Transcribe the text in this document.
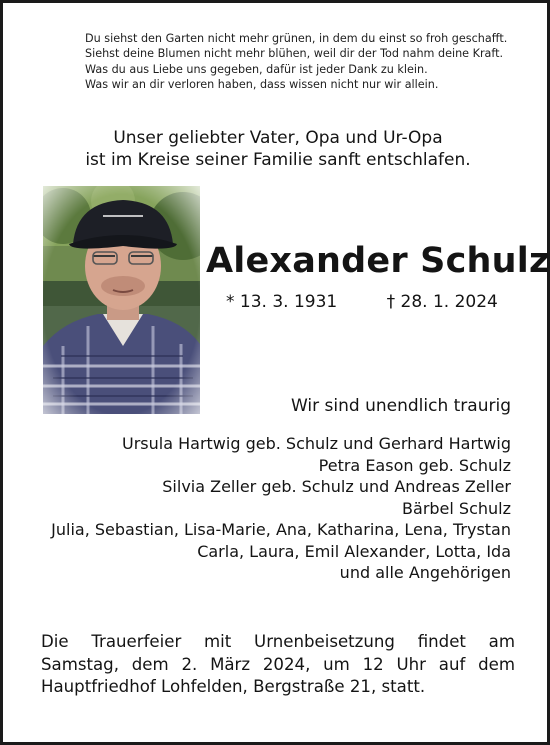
Du siehst den Garten nicht mehr grünen, in dem du einst so froh geschafft.
Siehst deine Blumen nicht mehr blühen, weil dir der Tod nahm deine Kraft.
Was du aus Liebe uns gegeben, dafür ist jeder Dank zu klein.
Was wir an dir verloren haben, dass wissen nicht nur wir allein.
Unser geliebter Vater, Opa und Ur-Opa
ist im Kreise seiner Familie sanft entschlafen.
Alexander Schulz
* 13. 3. 1931	† 28. 1. 2024
Wir sind unendlich traurig
Ursula Hartwig geb. Schulz und Gerhard Hartwig
Petra Eason geb. Schulz
Silvia Zeller geb. Schulz und Andreas Zeller
Bärbel Schulz
Julia, Sebastian, Lisa-Marie, Ana, Katharina, Lena, Trystan
Carla, Laura, Emil Alexander, Lotta, Ida
und alle Angehörigen
Die Trauerfeier mit Urnenbeisetzung findet am
Samstag, dem 2. März 2024, um 12 Uhr auf dem
Hauptfriedhof Lohfelden, Bergstraße 21, statt.
